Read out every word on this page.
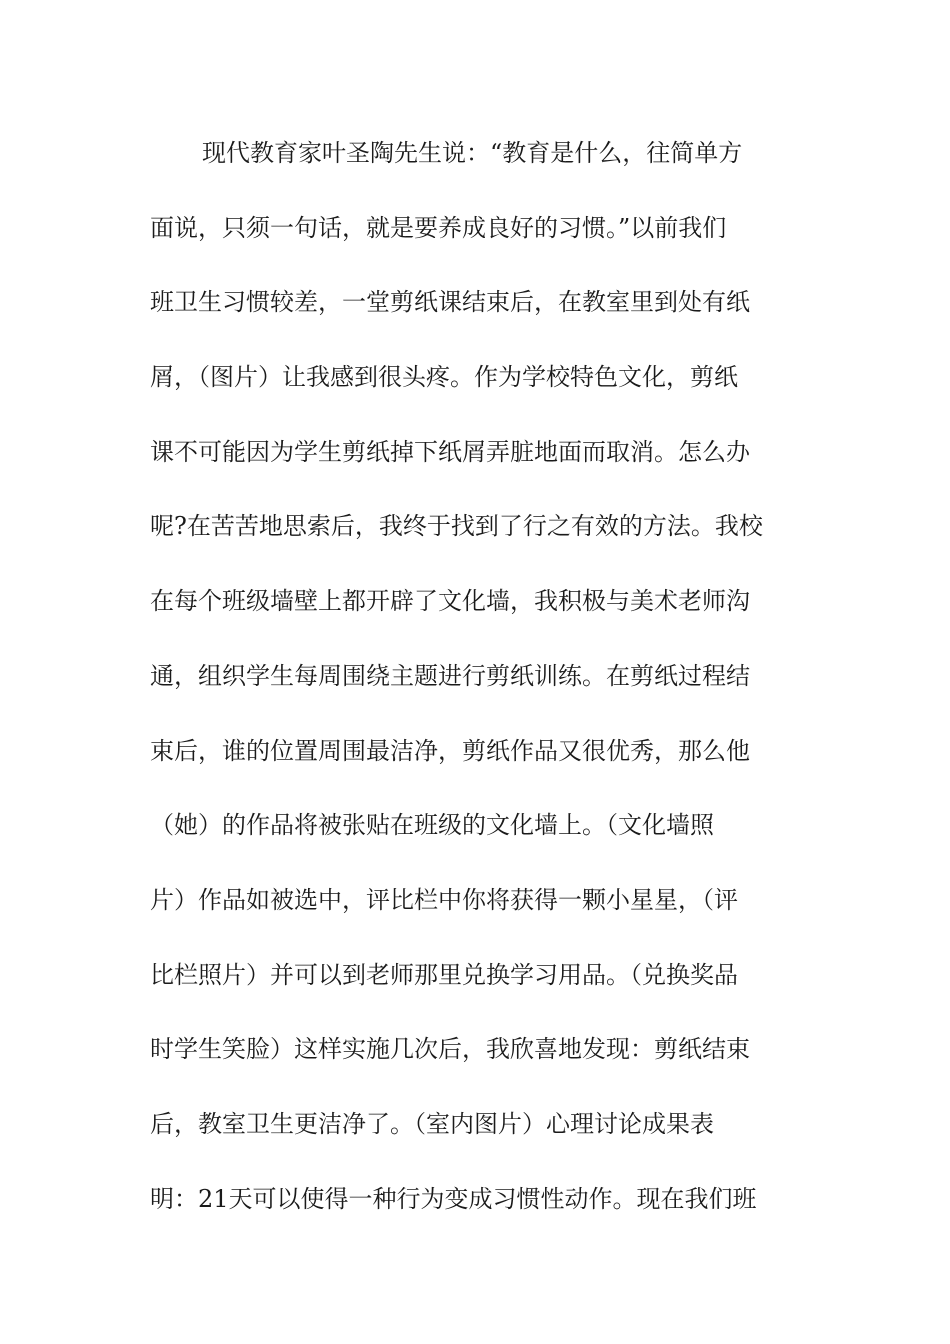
现代教育家叶圣陶先生说：“教育是什么，往简单方
面说，只须一句话，就是要养成良好的习惯。”以前我们
班卫生习惯较差，一堂剪纸课结束后，在教室里到处有纸
屑，（图片）让我感到很头疼。作为学校特色文化，剪纸
课不可能因为学生剪纸掉下纸屑弄脏地面而取消。怎么办
呢?在苦苦地思索后，我终于找到了行之有效的方法。我校
在每个班级墙壁上都开辟了文化墙，我积极与美术老师沟
通，组织学生每周围绕主题进行剪纸训练。在剪纸过程结
束后，谁的位置周围最洁净，剪纸作品又很优秀，那么他
（她）的作品将被张贴在班级的文化墙上。（文化墙照
片）作品如被选中，评比栏中你将获得一颗小星星，（评
比栏照片）并可以到老师那里兑换学习用品。（兑换奖品
时学生笑脸）这样实施几次后，我欣喜地发现：剪纸结束
后，教室卫生更洁净了。（室内图片）心理讨论成果表
明：21天可以使得一种行为变成习惯性动作。现在我们班
